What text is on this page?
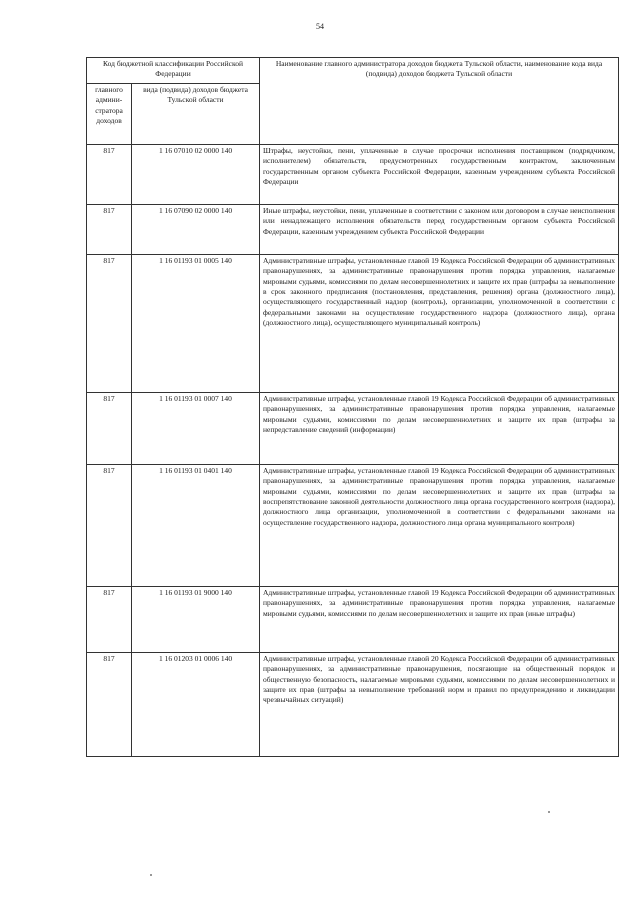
54
Код бюджетной классификации Российской Федерации		Наименование главного администратора доходов бюджета Тульской области, наименование кода вида (подвида) доходов бюджета Тульской области
главного админи-стратора доходов	вида (подвида) доходов бюджета Тульской области	
817	1 16 07010 02 0000 140	Штрафы, неустойки, пени, уплаченные в случае просрочки исполнения поставщиком (подрядчиком, исполнителем) обязательств, предусмотренных государственным контрактом, заключенным государственным органом субъекта Российской Федерации, казенным учреждением субъекта Российской Федерации
817	1 16 07090 02 0000 140	Иные штрафы, неустойки, пени, уплаченные в соответствии с законом или договором в случае неисполнения или ненадлежащего исполнения обязательств перед государственным органом субъекта Российской Федерации, казенным учреждением субъекта Российской Федерации
817	1 16 01193 01 0005 140	Административные штрафы, установленные главой 19 Кодекса Российской Федерации об административных правонарушениях, за административные правонарушения против порядка управления, налагаемые мировыми судьями, комиссиями по делам несовершеннолетних и защите их прав (штрафы за невыполнение в срок законного предписания (постановления, представления, решения) органа (должностного лица), осуществляющего государственный надзор (контроль), организации, уполномоченной в соответствии с федеральными законами на осуществление государственного надзора (должностного лица), органа (должностного лица), осуществляющего муниципальный контроль)
817	1 16 01193 01 0007 140	Административные штрафы, установленные главой 19 Кодекса Российской Федерации об административных правонарушениях, за административные правонарушения против порядка управления, налагаемые мировыми судьями, комиссиями по делам несовершеннолетних и защите их прав (штрафы за непредставление сведений (информации)
817	1 16 01193 01 0401 140	Административные штрафы, установленные главой 19 Кодекса Российской Федерации об административных правонарушениях, за административные правонарушения против порядка управления, налагаемые мировыми судьями, комиссиями по делам несовершеннолетних и защите их прав (штрафы за воспрепятствование законной деятельности должностного лица органа государственного контроля (надзора), должностного лица организации, уполномоченной в соответствии с федеральными законами на осуществление государственного надзора, должностного лица органа муниципального контроля)
817	1 16 01193 01 9000 140	Административные штрафы, установленные главой 19 Кодекса Российской Федерации об административных правонарушениях, за административные правонарушения против порядка управления, налагаемые мировыми судьями, комиссиями по делам несовершеннолетних и защите их прав (иные штрафы)
817	1 16 01203 01 0006 140	Административные штрафы, установленные главой 20 Кодекса Российской Федерации об административных правонарушениях, за административные правонарушения, посягающие на общественный порядок и общественную безопасность, налагаемые мировыми судьями, комиссиями по делам несовершеннолетних и защите их прав (штрафы за невыполнение требований норм и правил по предупреждению и ликвидации чрезвычайных ситуаций)
